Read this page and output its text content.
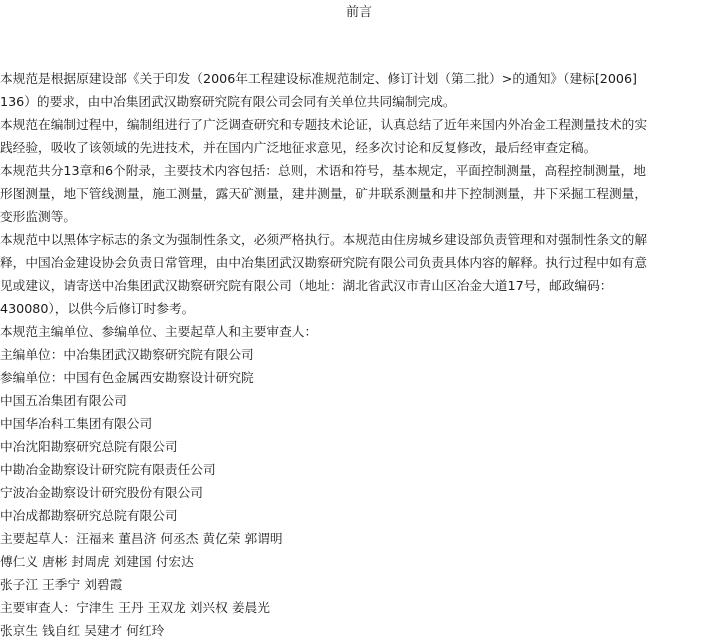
前言

本规范是根据原建设部《关于印发（2006年工程建设标准规范制定、修订计划（第二批）>的通知》（建标[2006]
136）的要求，由中冶集团武汉勘察研究院有限公司会同有关单位共同编制完成。

本规范在编制过程中，编制组进行了广泛调查研究和专题技术论证，认真总结了近年来国内外冶金工程测量技术的实
践经验，吸收了该领域的先进技术，并在国内广泛地征求意见，经多次讨论和反复修改，最后经审查定稿。

本规范共分13章和6个附录，主要技术内容包括：总则，术语和符号，基本规定，平面控制测量，高程控制测量，地
形图测量，地下管线测量，施工测量，露天矿测量，建井测量，矿井联系测量和井下控制测量，井下采掘工程测量，
变形监测等。

本规范中以黑体字标志的条文为强制性条文，必须严格执行。本规范由住房城乡建设部负责管理和对强制性条文的解
释，中国冶金建设协会负责日常管理，由中冶集团武汉勘察研究院有限公司负责具体内容的解释。执行过程中如有意
见或建议，请寄送中冶集团武汉勘察研究院有限公司（地址：湖北省武汉市青山区冶金大道17号，邮政编码：
430080），以供今后修订时参考。

本规范主编单位、参编单位、主要起草人和主要审查人：

主编单位：中冶集团武汉勘察研究院有限公司

参编单位：中国有色金属西安勘察设计研究院

中国五冶集团有限公司

中国华冶科工集团有限公司

中冶沈阳勘察研究总院有限公司

中勘冶金勘察设计研究院有限责任公司

宁波冶金勘察设计研究股份有限公司

中冶成都勘察研究总院有限公司

主要起草人：汪福来 董昌济 何丞杰 黄亿荣 郭谓明

傅仁义 唐彬 封周虎 刘建国 付宏达

张子江 王季宁 刘碧霞

主要审查人：宁津生 王丹 王双龙 刘兴权 姜晨光

张京生 钱自红 吴建才 何红玲
